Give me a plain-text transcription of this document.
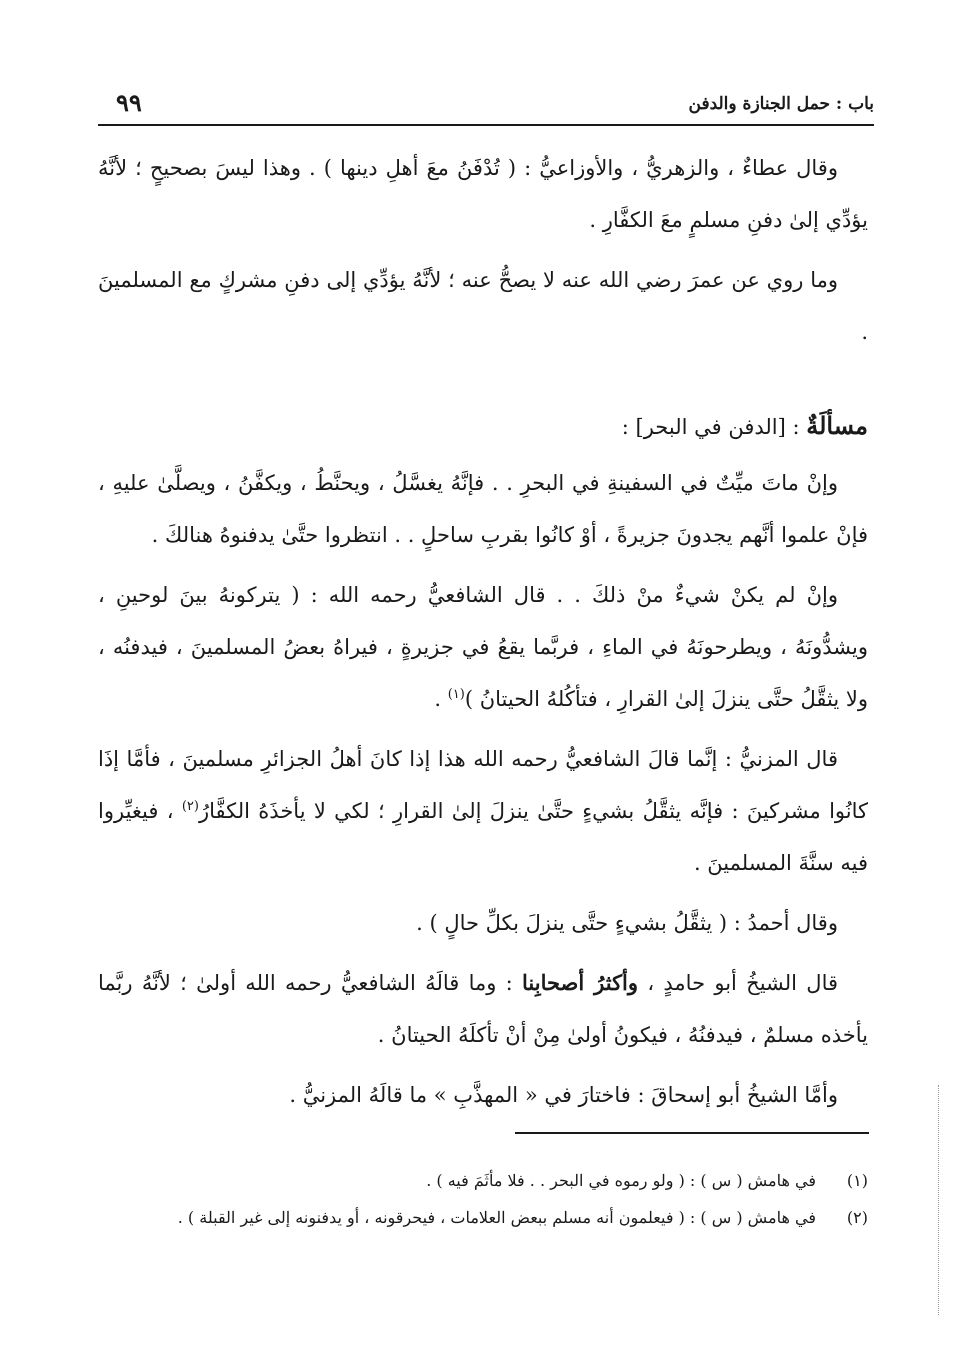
باب : حمل الجنازة والدفن
٩٩

وقال عطاءٌ ، والزهريُّ ، والأوزاعيُّ : ( تُدْفَنُ معَ أهلِ دينها ) . وهذا ليسَ بصحيحٍ ؛ لأنَّهُ يؤدِّي إلىٰ دفنِ مسلمٍ معَ الكفَّارِ .

وما روي عن عمرَ رضي الله عنه لا يصحُّ عنه ؛ لأنَّهُ يؤدِّي إلى دفنِ مشركٍ مع المسلمينَ .

مسألَةٌ : [الدفن في البحر] :

وإنْ ماتَ ميِّتٌ في السفينةِ في البحرِ . . فإنَّهُ يغسَّلُ ، ويحنَّطُ ، ويكفَّنُ ، ويصلَّىٰ عليهِ ، فإنْ علموا أنَّهم يجدونَ جزيرةً ، أوْ كانُوا بقربِ ساحلٍ . . انتظروا حتَّىٰ يدفنوهُ هنالكَ .

وإنْ لم يكنْ شيءٌ منْ ذلكَ . . قال الشافعيُّ رحمه الله : ( يتركونهُ بينَ لوحينِ ، ويشدُّونَهُ ، ويطرحونَهُ في الماءِ ، فربَّما يقعُ في جزيرةٍ ، فيراهُ بعضُ المسلمينَ ، فيدفنُه ، ولا يثقَّلُ حتَّى ينزلَ إلىٰ القرارِ ، فتأكُلهُ الحيتانُ )$^{(١)}$ .

قال المزنيُّ : إنَّما قالَ الشافعيُّ رحمه الله هذا إذا كانَ أهلُ الجزائرِ مسلمينَ ، فأمَّا إذَا كانُوا مشركينَ : فإنَّه يثقَّلُ بشيءٍ حتَّىٰ ينزلَ إلىٰ القرارِ ؛ لكي لا يأخذَهُ الكفَّارُ$^{(٢)}$ ، فيغيِّروا فيه سنَّةَ المسلمينَ .

وقال أحمدُ : ( يثقَّلُ بشيءٍ حتَّى ينزلَ بكلِّ حالٍ ) .

قال الشيخُ أبو حامدٍ ، وأكثرُ أصحابِنا : وما قالَهُ الشافعيُّ رحمه الله أولىٰ ؛ لأنَّهُ ربَّما يأخذه مسلمٌ ، فيدفنُهُ ، فيكونُ أولىٰ مِنْ أنْ تأكلَهُ الحيتانُ .

وأمَّا الشيخُ أبو إسحاقَ : فاختارَ في « المهذَّبِ » ما قالَهُ المزنيُّ .

(١)
في هامش ( س ) : ( ولو رموه في البحر . . فلا مأثَمَ فيه ) .
(٢)
في هامش ( س ) : ( فيعلمون أنه مسلم ببعض العلامات ، فيحرقونه ، أو يدفنونه إلى غير القبلة ) .
